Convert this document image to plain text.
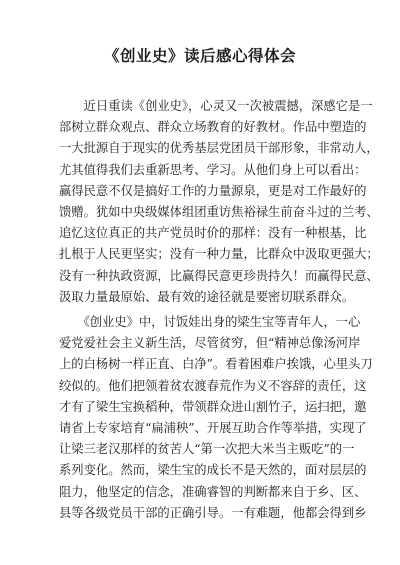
《创业史》读后感心得体会

　　近日重读《创业史》，心灵又一次被震撼，深感它是一
部树立群众观点、群众立场教育的好教材。作品中塑造的
一大批源自于现实的优秀基层党团员干部形象，非常动人，
尤其值得我们去重新思考、学习。从他们身上可以看出：
赢得民意不仅是搞好工作的力量源泉，更是对工作最好的
馈赠。犹如中央级媒体组团重访焦裕禄生前奋斗过的兰考、
追忆这位真正的共产党员时价的那样：没有一种根基，比
扎根于人民更坚实；没有一种力量，比群众中汲取更强大；
没有一种执政资源，比赢得民意更珍贵持久！而赢得民意、
汲取力量最原始、最有效的途径就是要密切联系群众。

　　《创业史》中，讨饭娃出身的梁生宝等青年人，一心
爱党爱社会主义新生活，尽管贫穷，但“精神总像汤河岸
上的白杨树一样正直、白净”。看着困难户挨饿，心里头刀
绞似的。他们把领着贫农渡春荒作为义不容辞的责任，这
才有了梁生宝换稻种，带领群众进山割竹子，运扫把，邀
请省上专家培育“扁浦秧”、开展互助合作等举措，实现了
让梁三老汉那样的贫苦人“第一次把大米当主贩吃”的一
系列变化。然而，梁生宝的成长不是天然的，面对层层的
阻力，他坚定的信念，准确睿智的判断都来自于乡、区、
县等各级党员干部的正确引导。一有难题，他都会得到乡
